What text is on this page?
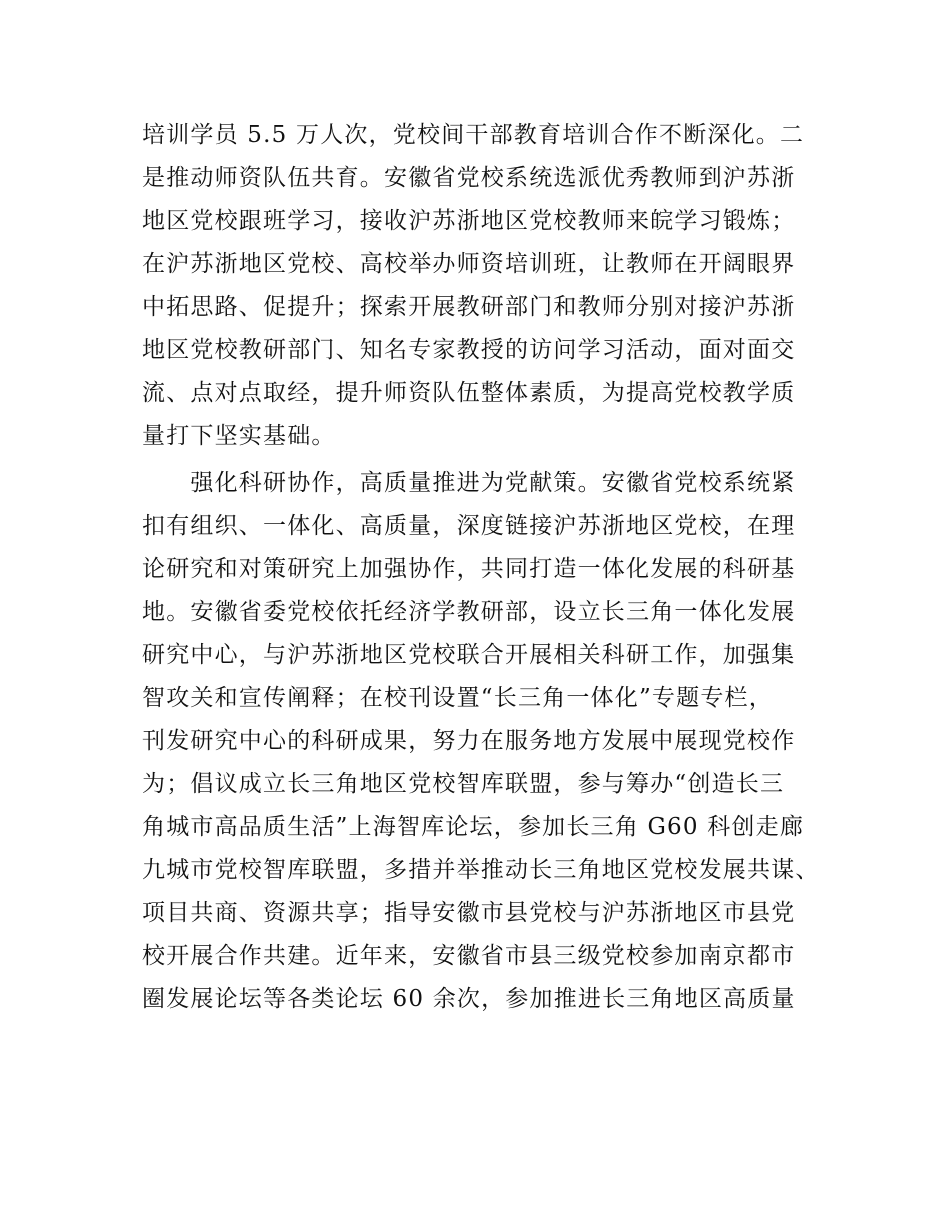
培训学员 5.5 万人次，党校间干部教育培训合作不断深化。二
是推动师资队伍共育。安徽省党校系统选派优秀教师到沪苏浙
地区党校跟班学习，接收沪苏浙地区党校教师来皖学习锻炼；
在沪苏浙地区党校、高校举办师资培训班，让教师在开阔眼界
中拓思路、促提升；探索开展教研部门和教师分别对接沪苏浙
地区党校教研部门、知名专家教授的访问学习活动，面对面交
流、点对点取经，提升师资队伍整体素质，为提高党校教学质
量打下坚实基础。
　　强化科研协作，高质量推进为党献策。安徽省党校系统紧
扣有组织、一体化、高质量，深度链接沪苏浙地区党校，在理
论研究和对策研究上加强协作，共同打造一体化发展的科研基
地。安徽省委党校依托经济学教研部，设立长三角一体化发展
研究中心，与沪苏浙地区党校联合开展相关科研工作，加强集
智攻关和宣传阐释；在校刊设置“长三角一体化”专题专栏，
刊发研究中心的科研成果，努力在服务地方发展中展现党校作
为；倡议成立长三角地区党校智库联盟，参与筹办“创造长三
角城市高品质生活”上海智库论坛，参加长三角 G60 科创走廊
九城市党校智库联盟，多措并举推动长三角地区党校发展共谋、
项目共商、资源共享；指导安徽市县党校与沪苏浙地区市县党
校开展合作共建。近年来，安徽省市县三级党校参加南京都市
圈发展论坛等各类论坛 60 余次，参加推进长三角地区高质量
